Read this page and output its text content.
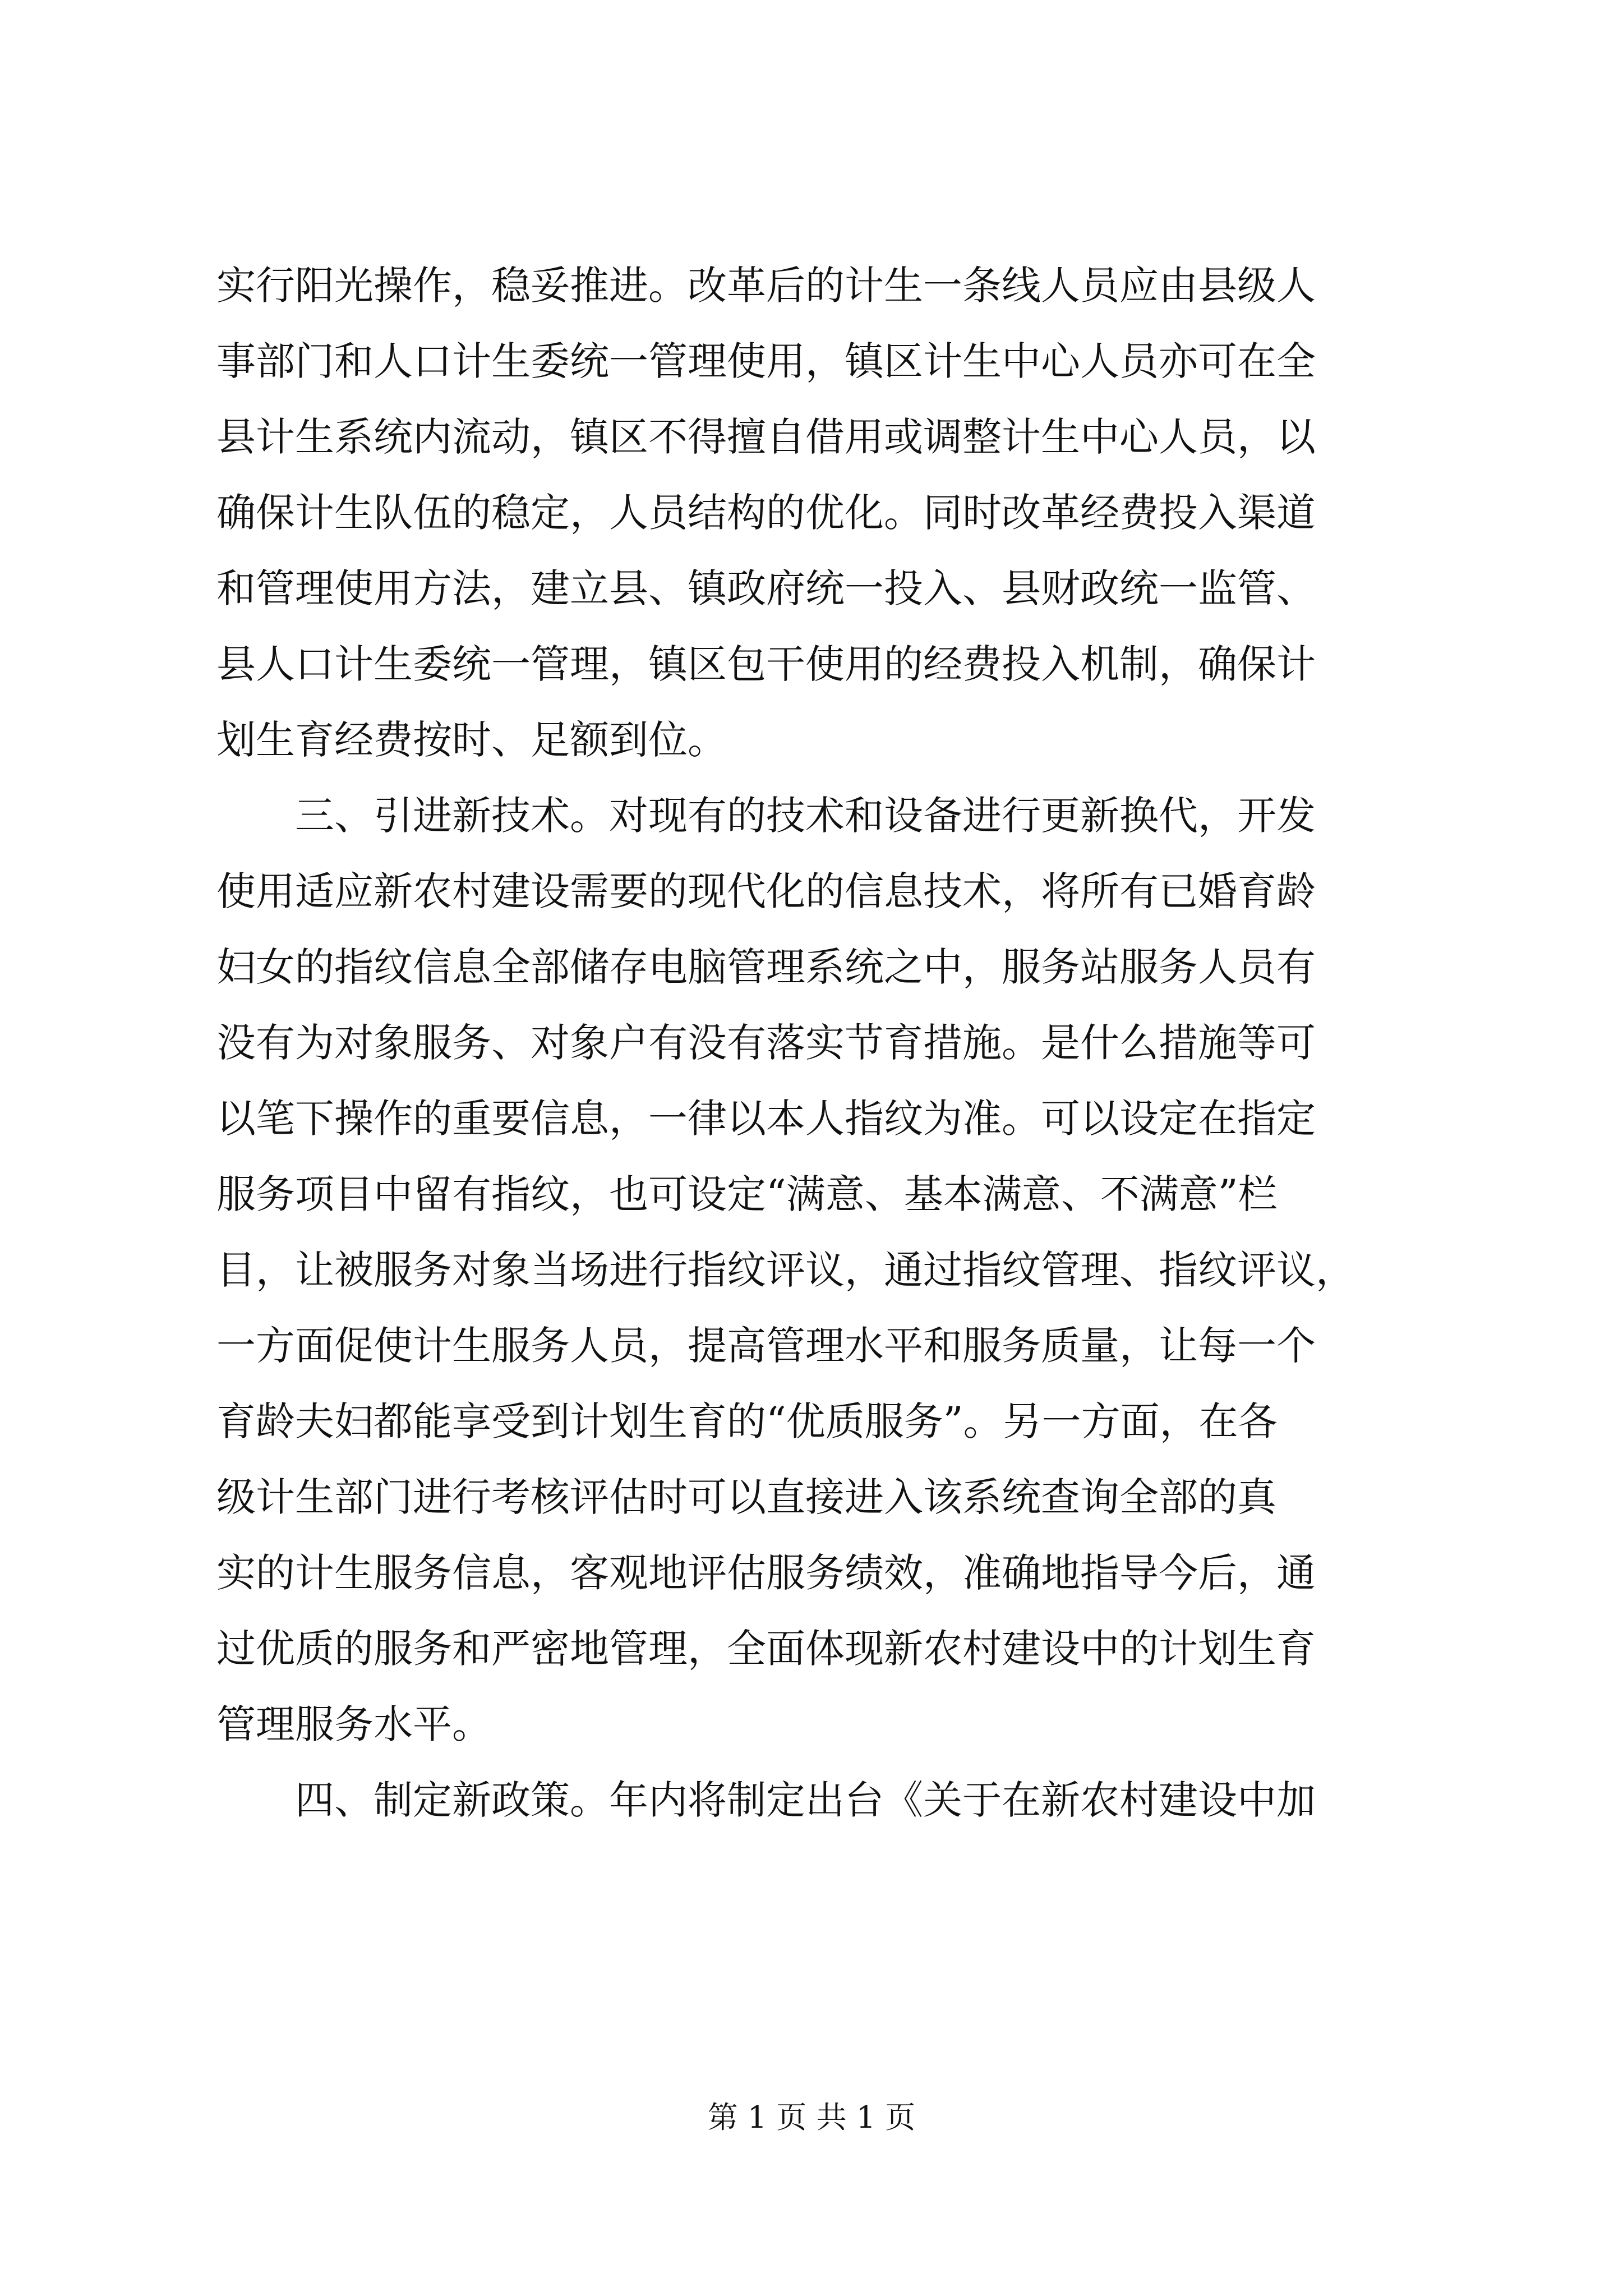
实行阳光操作，稳妥推进。改革后的计生一条线人员应由县级人
事部门和人口计生委统一管理使用，镇区计生中心人员亦可在全
县计生系统内流动，镇区不得擅自借用或调整计生中心人员，以
确保计生队伍的稳定，人员结构的优化。同时改革经费投入渠道
和管理使用方法，建立县、镇政府统一投入、县财政统一监管、
县人口计生委统一管理，镇区包干使用的经费投入机制，确保计
划生育经费按时、足额到位。
　　三、引进新技术。对现有的技术和设备进行更新换代，开发
使用适应新农村建设需要的现代化的信息技术，将所有已婚育龄
妇女的指纹信息全部储存电脑管理系统之中，服务站服务人员有
没有为对象服务、对象户有没有落实节育措施。是什么措施等可
以笔下操作的重要信息，一律以本人指纹为准。可以设定在指定
服务项目中留有指纹，也可设定“满意、基本满意、不满意”栏
目，让被服务对象当场进行指纹评议，通过指纹管理、指纹评议，
一方面促使计生服务人员，提高管理水平和服务质量，让每一个
育龄夫妇都能享受到计划生育的“优质服务”。另一方面，在各
级计生部门进行考核评估时可以直接进入该系统查询全部的真
实的计生服务信息，客观地评估服务绩效，准确地指导今后，通
过优质的服务和严密地管理，全面体现新农村建设中的计划生育
管理服务水平。
　　四、制定新政策。年内将制定出台《关于在新农村建设中加
第 1 页 共 1 页
